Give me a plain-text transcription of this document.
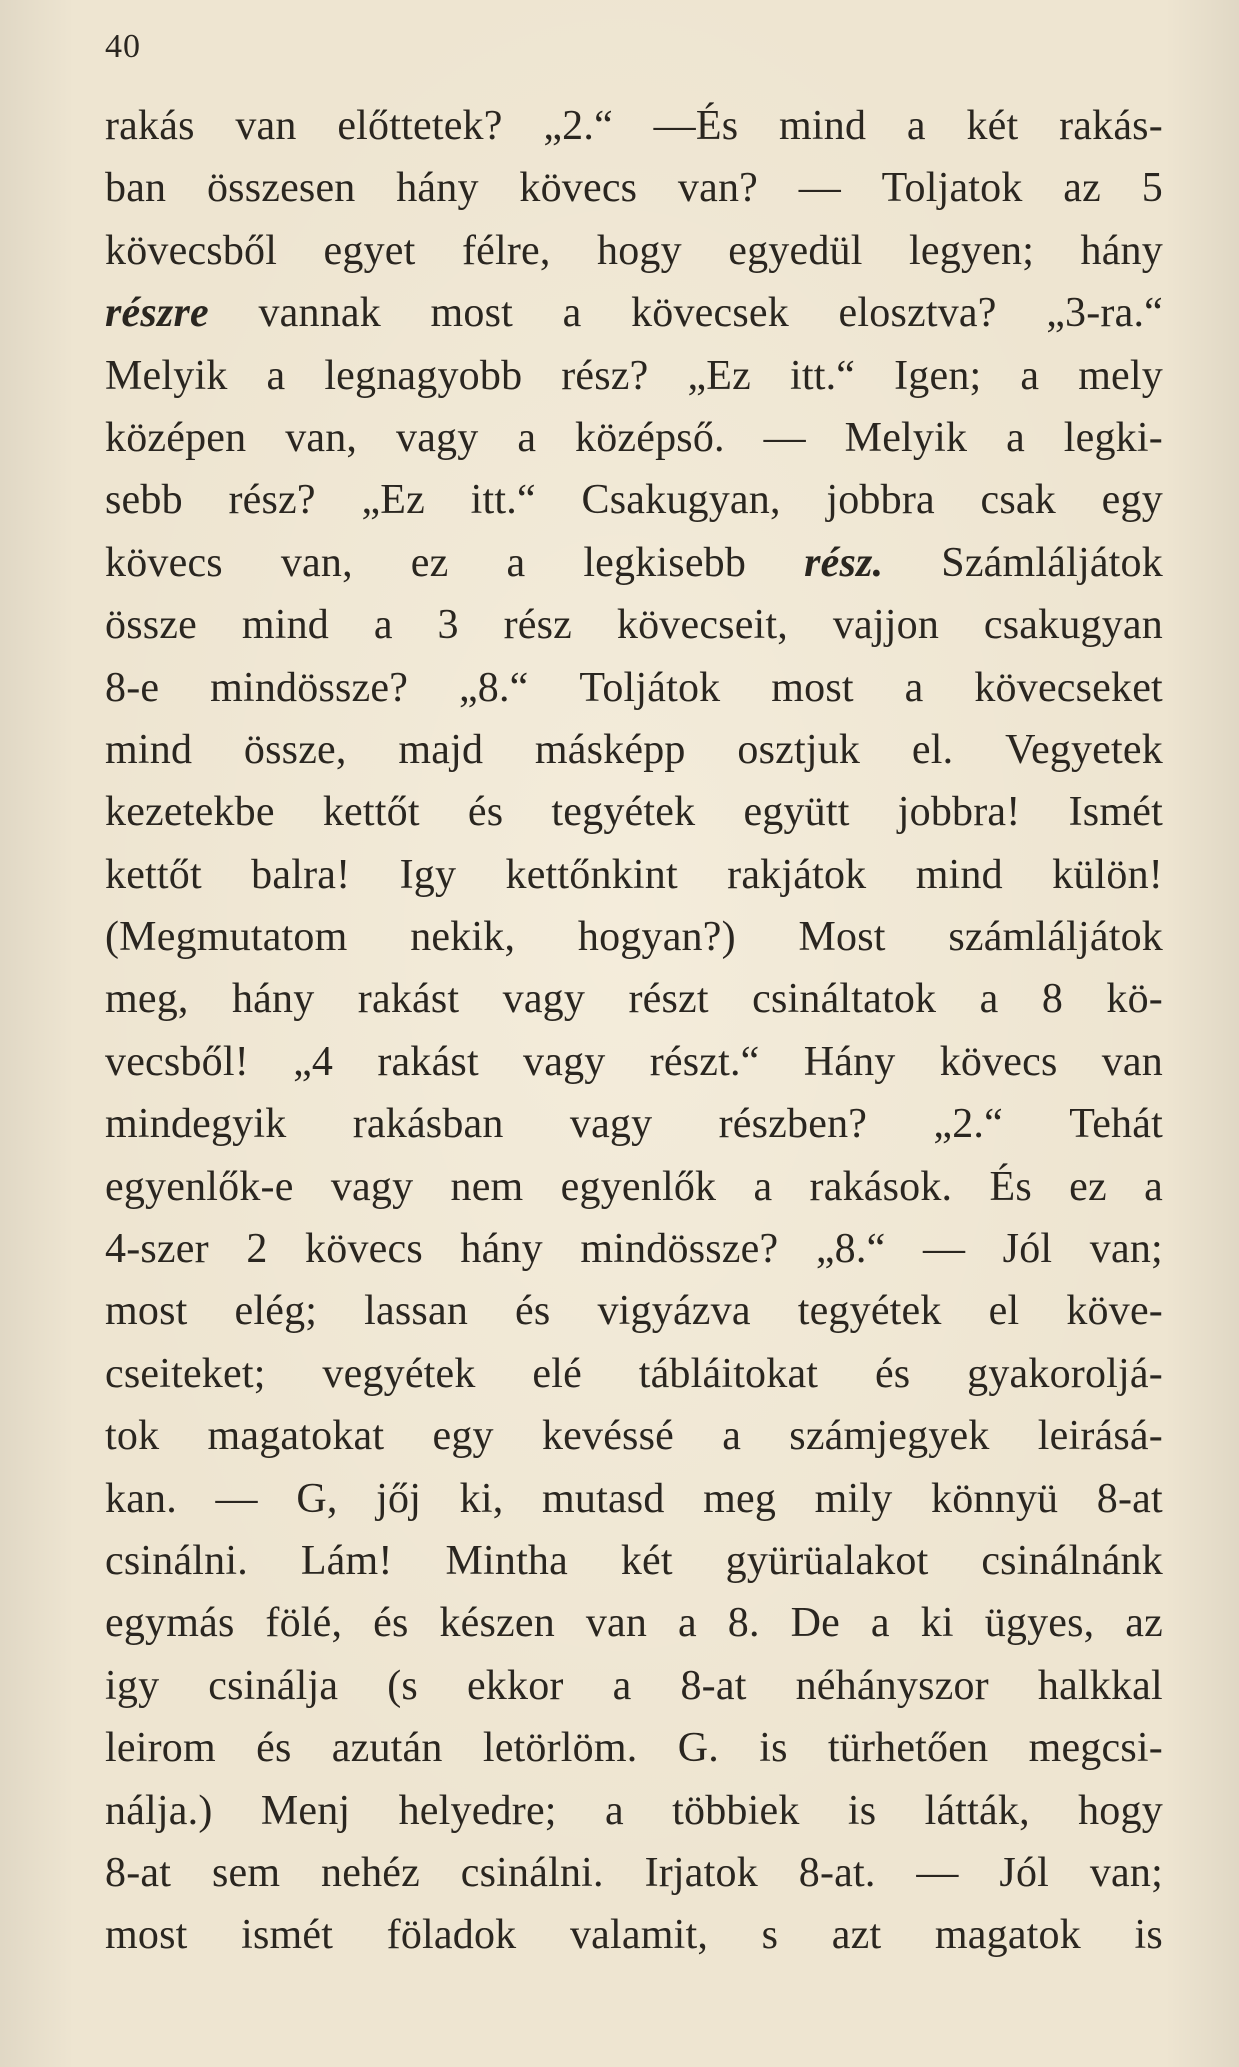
40
rakás van előttetek? „2.“ —És mind a két rakás-
ban összesen hány kövecs van? — Toljatok az 5
kövecsből egyet félre, hogy egyedül legyen; hány
részre vannak most a kövecsek elosztva? „3-ra.“
Melyik a legnagyobb rész? „Ez itt.“ Igen; a mely
középen van, vagy a középső. — Melyik a legki-
sebb rész? „Ez itt.“ Csakugyan, jobbra csak egy
kövecs van, ez a legkisebb rész. Számláljátok
össze mind a 3 rész kövecseit, vajjon csakugyan
8-e mindössze? „8.“ Toljátok most a kövecseket
mind össze, majd másképp osztjuk el. Vegyetek
kezetekbe kettőt és tegyétek együtt jobbra! Ismét
kettőt balra! Igy kettőnkint rakjátok mind külön!
(Megmutatom nekik, hogyan?) Most számláljátok
meg, hány rakást vagy részt csináltatok a 8 kö-
vecsből! „4 rakást vagy részt.“ Hány kövecs van
mindegyik rakásban vagy részben? „2.“ Tehát
egyenlők-e vagy nem egyenlők a rakások. És ez a
4-szer 2 kövecs hány mindössze? „8.“ — Jól van;
most elég; lassan és vigyázva tegyétek el köve-
cseiteket; vegyétek elé tábláitokat és gyakoroljá-
tok magatokat egy kevéssé a számjegyek leirásá-
kan. — G, jőj ki, mutasd meg mily könnyü 8-at
csinálni. Lám! Mintha két gyürüalakot csinálnánk
egymás fölé, és készen van a 8. De a ki ügyes, az
igy csinálja (s ekkor a 8-at néhányszor halkkal
leirom és azután letörlöm. G. is türhetően megcsi-
nálja.) Menj helyedre; a többiek is látták, hogy
8-at sem nehéz csinálni. Irjatok 8-at. — Jól van;
most ismét föladok valamit, s azt magatok is
